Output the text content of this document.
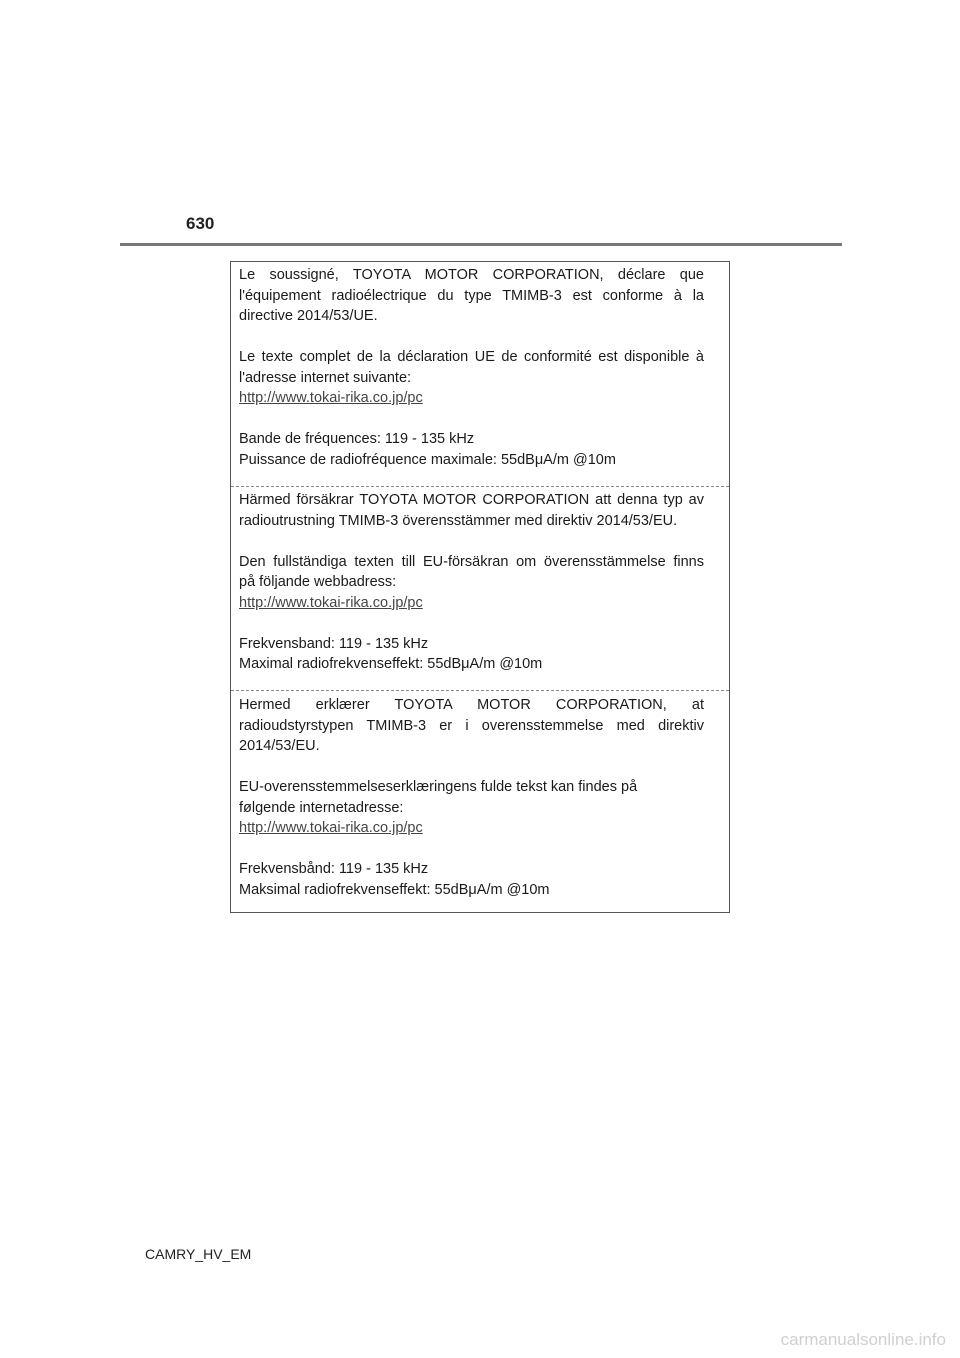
630

Le soussigné, TOYOTA MOTOR CORPORATION, déclare que

l'équipement radioélectrique du type TMIMB-3 est conforme à la

directive 2014/53/UE.

Le texte complet de la déclaration UE de conformité est disponible à

l'adresse internet suivante:

http://www.tokai-rika.co.jp/pc

Bande de fréquences: 119 - 135 kHz

Puissance de radiofréquence maximale: 55dBμA/m @10m

Härmed försäkrar TOYOTA MOTOR CORPORATION att denna typ av

radioutrustning TMIMB-3 överensstämmer med direktiv 2014/53/EU.

Den fullständiga texten till EU-försäkran om överensstämmelse finns

på följande webbadress:

http://www.tokai-rika.co.jp/pc

Frekvensband: 119 - 135 kHz

Maximal radiofrekvenseffekt: 55dBμA/m @10m

Hermed erklærer TOYOTA MOTOR CORPORATION, at

radioudstyrstypen TMIMB-3 er i overensstemmelse med direktiv

2014/53/EU.

EU-overensstemmelseserklæringens fulde tekst kan findes på

følgende internetadresse:

http://www.tokai-rika.co.jp/pc

Frekvensbånd: 119 - 135 kHz

Maksimal radiofrekvenseffekt: 55dBμA/m @10m

CAMRY_HV_EM
carmanualsonline.info
